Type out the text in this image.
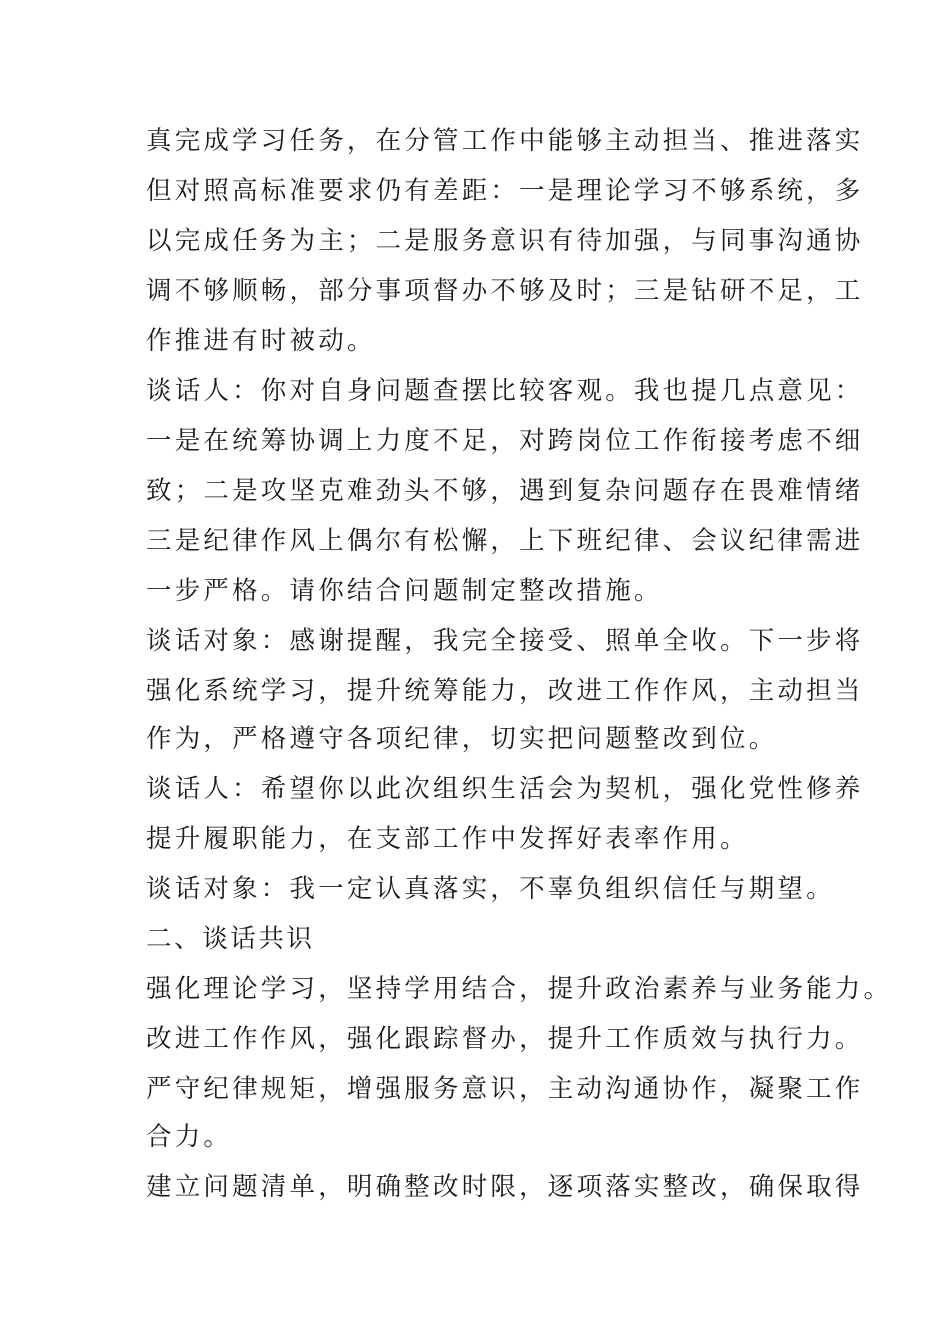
真完成学习任务，在分管工作中能够主动担当、推进落实
但对照高标准要求仍有差距：一是理论学习不够系统，多
以完成任务为主；二是服务意识有待加强，与同事沟通协
调不够顺畅，部分事项督办不够及时；三是钻研不足，工
作推进有时被动。
谈话人：你对自身问题查摆比较客观。我也提几点意见：
一是在统筹协调上力度不足，对跨岗位工作衔接考虑不细
致；二是攻坚克难劲头不够，遇到复杂问题存在畏难情绪
三是纪律作风上偶尔有松懈，上下班纪律、会议纪律需进
一步严格。请你结合问题制定整改措施。
谈话对象：感谢提醒，我完全接受、照单全收。下一步将
强化系统学习，提升统筹能力，改进工作作风，主动担当
作为，严格遵守各项纪律，切实把问题整改到位。
谈话人：希望你以此次组织生活会为契机，强化党性修养
提升履职能力，在支部工作中发挥好表率作用。
谈话对象：我一定认真落实，不辜负组织信任与期望。
二、谈话共识
强化理论学习，坚持学用结合，提升政治素养与业务能力。
改进工作作风，强化跟踪督办，提升工作质效与执行力。
严守纪律规矩，增强服务意识，主动沟通协作，凝聚工作
合力。
建立问题清单，明确整改时限，逐项落实整改，确保取得
